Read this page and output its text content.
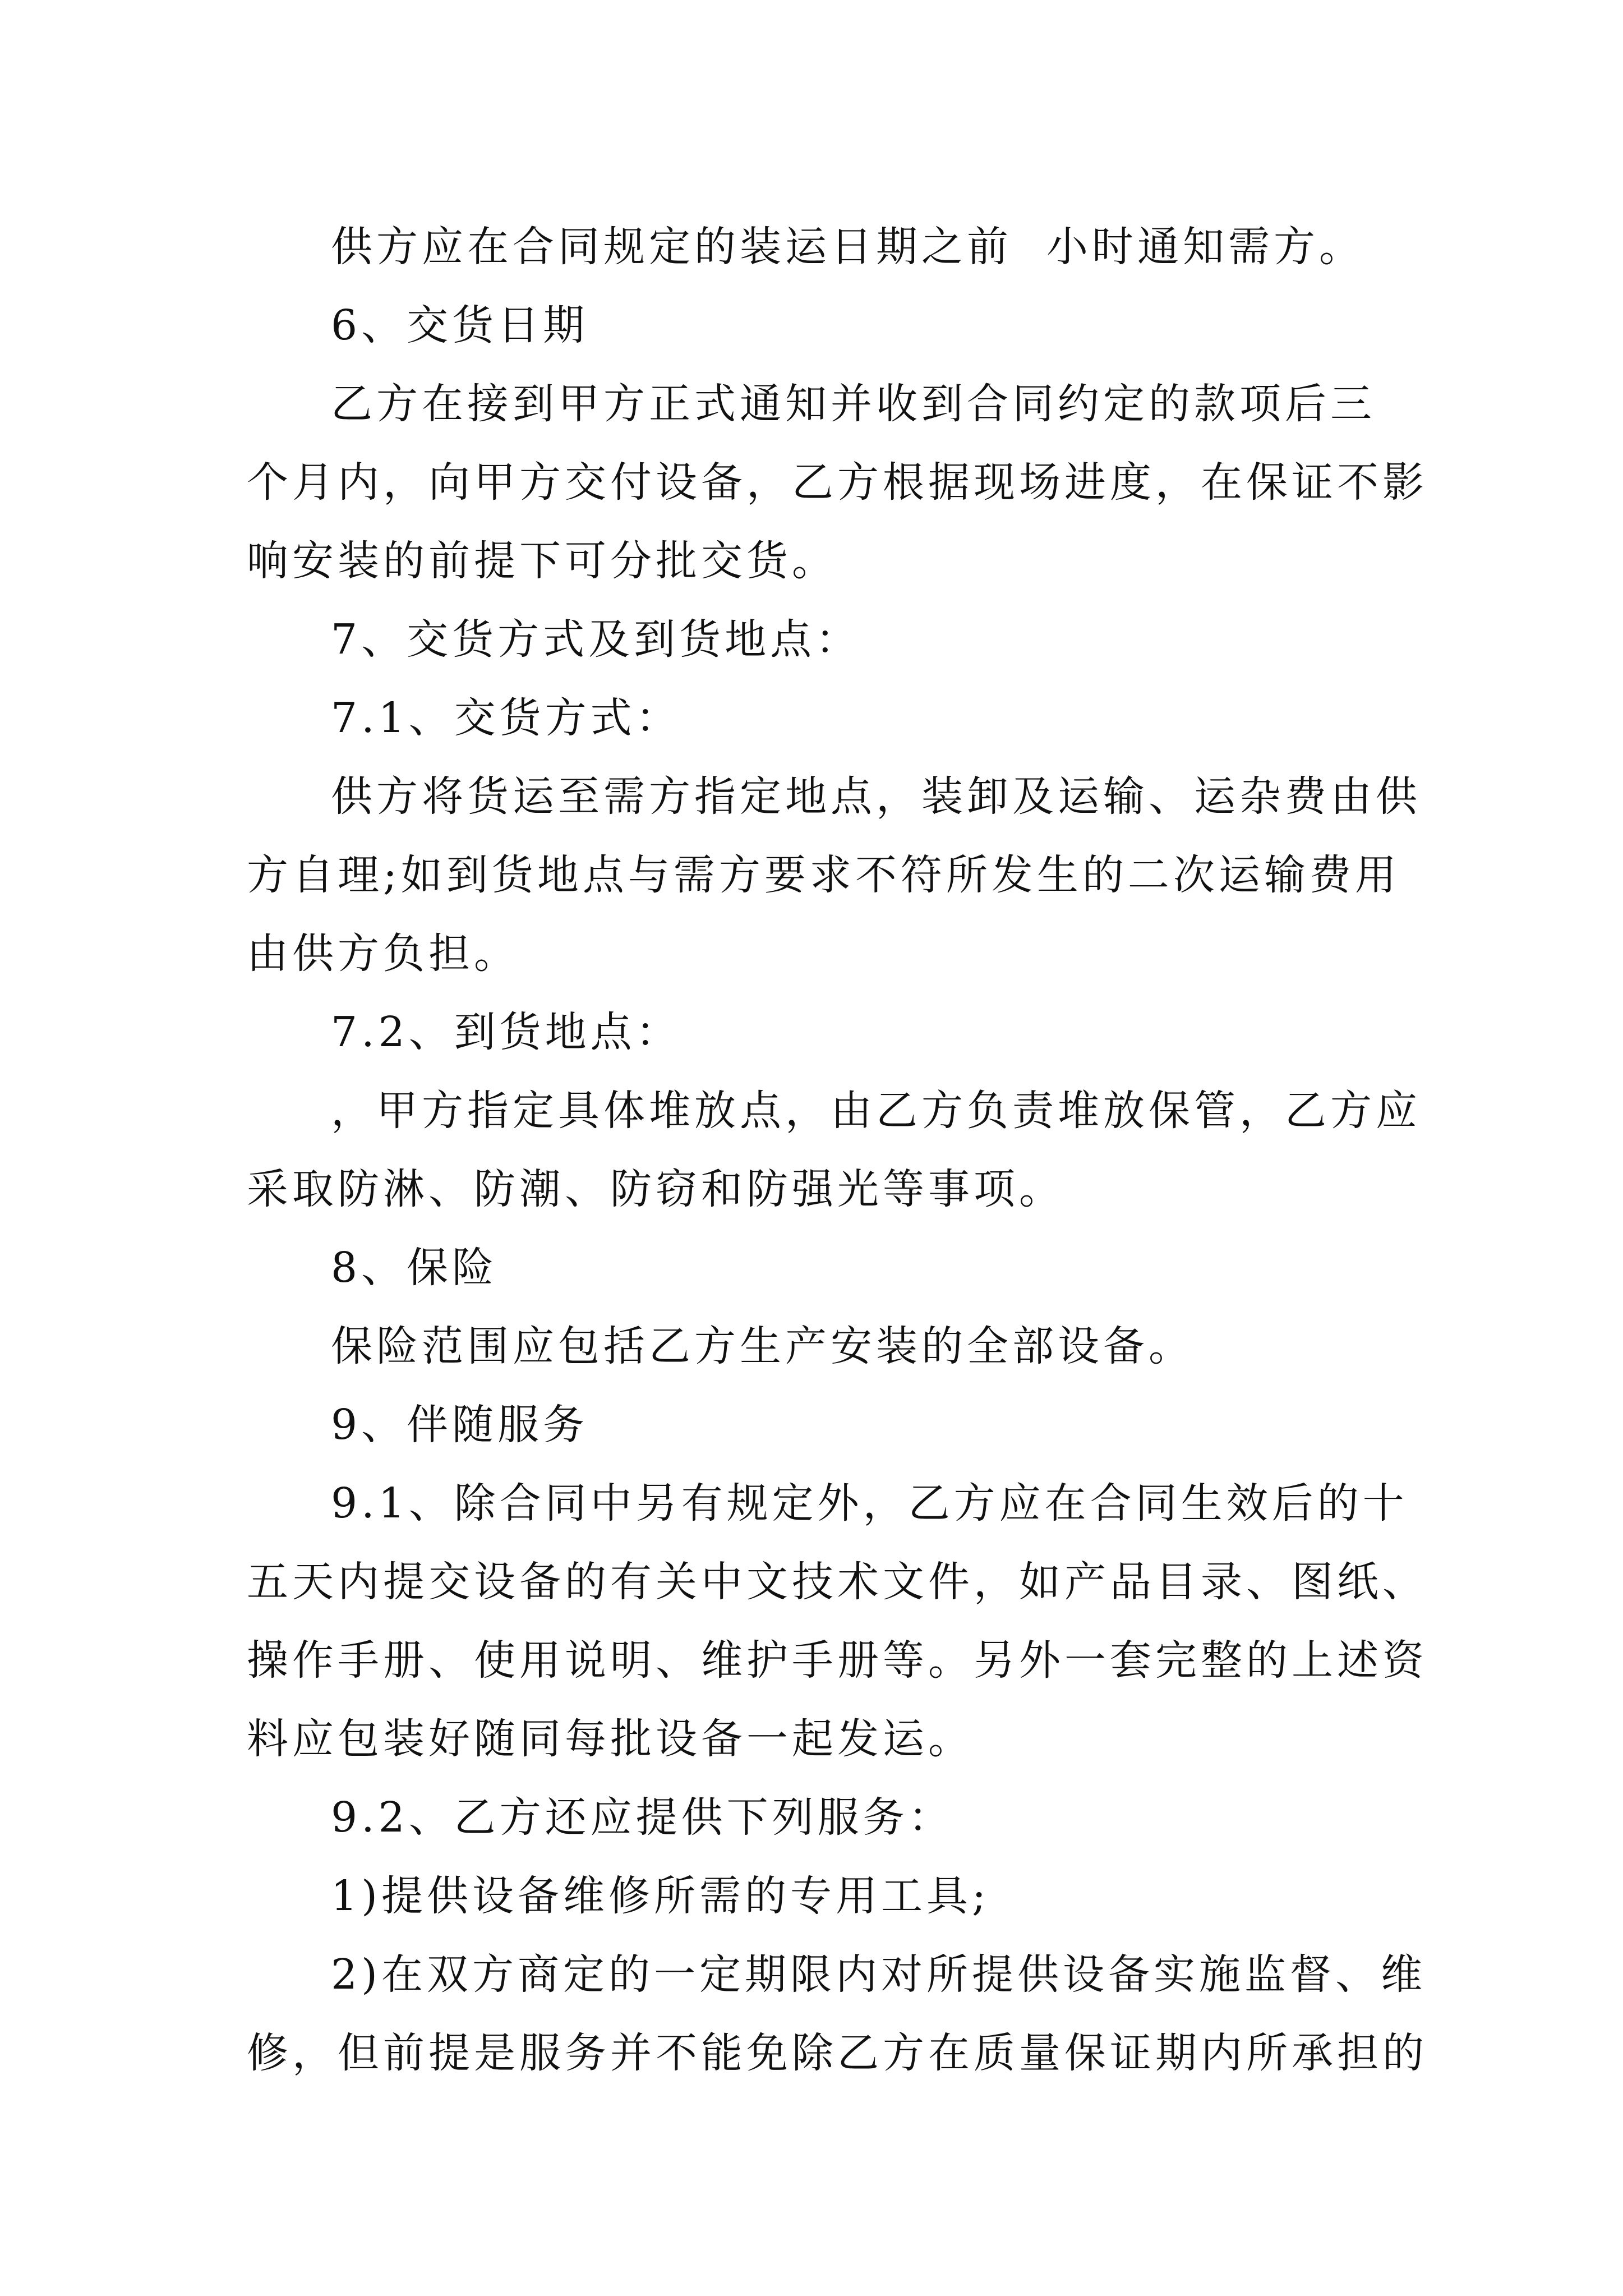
供方应在合同规定的装运日期之前  小时通知需方。
6、交货日期
乙方在接到甲方正式通知并收到合同约定的款项后三
个月内，向甲方交付设备，乙方根据现场进度，在保证不影
响安装的前提下可分批交货。
7、交货方式及到货地点：
7.1、交货方式：
供方将货运至需方指定地点，装卸及运输、运杂费由供
方自理;如到货地点与需方要求不符所发生的二次运输费用
由供方负担。
7.2、到货地点：
，甲方指定具体堆放点，由乙方负责堆放保管，乙方应
采取防淋、防潮、防窃和防强光等事项。
8、保险
保险范围应包括乙方生产安装的全部设备。
9、伴随服务
9.1、除合同中另有规定外，乙方应在合同生效后的十
五天内提交设备的有关中文技术文件，如产品目录、图纸、
操作手册、使用说明、维护手册等。另外一套完整的上述资
料应包装好随同每批设备一起发运。
9.2、乙方还应提供下列服务：
1)提供设备维修所需的专用工具;
2)在双方商定的一定期限内对所提供设备实施监督、维
修，但前提是服务并不能免除乙方在质量保证期内所承担的
